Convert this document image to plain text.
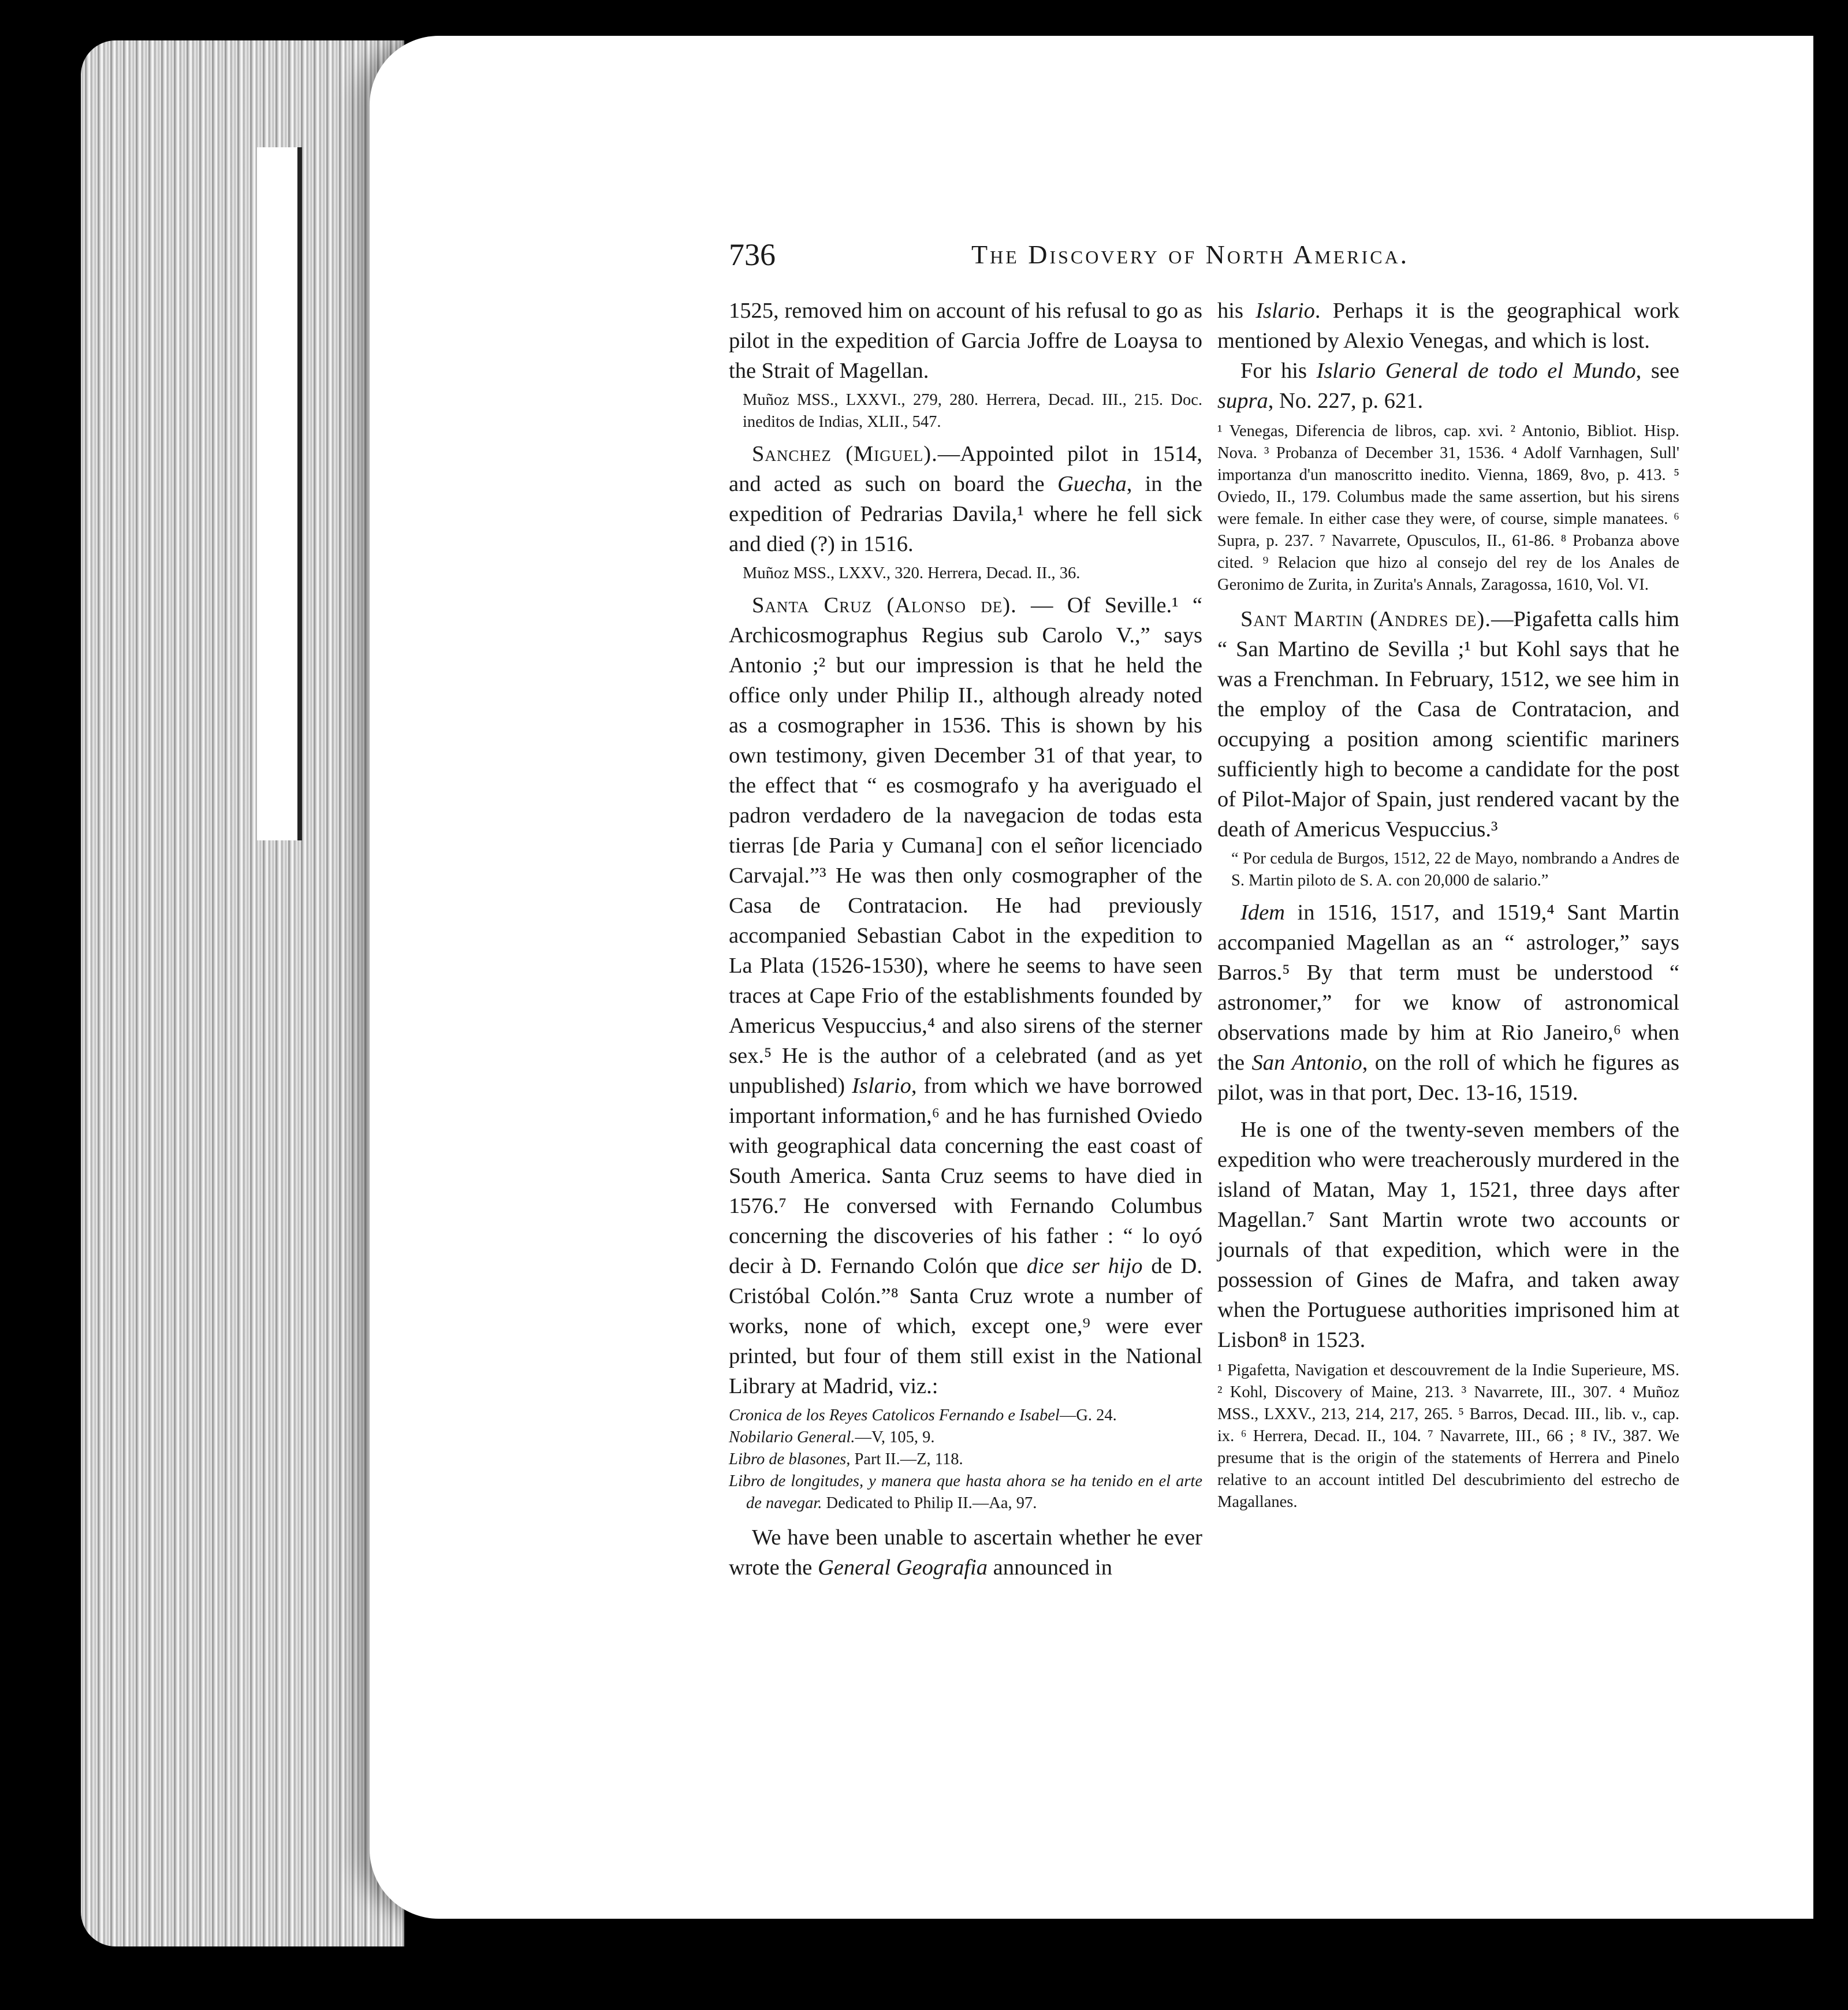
736	The Discovery of North America.

1525, removed him on account of his refusal to go as pilot in the expedition of Garcia Joffre de Loaysa to the Strait of Magellan.

Muñoz MSS., LXXVI., 279, 280. Herrera, Decad. III., 215. Doc. ineditos de Indias, XLII., 547.

Sanchez (Miguel).—Appointed pilot in 1514, and acted as such on board the Guecha, in the expedition of Pedrarias Davila,¹ where he fell sick and died (?) in 1516.

Muñoz MSS., LXXV., 320. Herrera, Decad. II., 36.

Santa Cruz (Alonso de). — Of Seville.¹ “ Archicosmographus Regius sub Carolo V.,” says Antonio ;² but our impression is that he held the office only under Philip II., although already noted as a cosmographer in 1536. This is shown by his own testimony, given December 31 of that year, to the effect that “ es cosmografo y ha averiguado el padron verdadero de la navegacion de todas esta tierras [de Paria y Cumana] con el señor licenciado Carvajal.”³ He was then only cosmographer of the Casa de Contratacion. He had previously accompanied Sebastian Cabot in the expedition to La Plata (1526-1530), where he seems to have seen traces at Cape Frio of the establishments founded by Americus Vespuccius,⁴ and also sirens of the sterner sex.⁵ He is the author of a celebrated (and as yet unpublished) Islario, from which we have borrowed important information,⁶ and he has furnished Oviedo with geographical data concerning the east coast of South America. Santa Cruz seems to have died in 1576.⁷ He conversed with Fernando Columbus concerning the discoveries of his father : “ lo oyó decir à D. Fernando Colón que dice ser hijo de D. Cristóbal Colón.”⁸ Santa Cruz wrote a number of works, none of which, except one,⁹ were ever printed, but four of them still exist in the National Library at Madrid, viz.:

Cronica de los Reyes Catolicos Fernando e Isabel—G. 24.
Nobilario General.—V, 105, 9.
Libro de blasones, Part II.—Z, 118.
Libro de longitudes, y manera que hasta ahora se ha tenido en el arte de navegar. Dedicated to Philip II.—Aa, 97.

We have been unable to ascertain whether he ever wrote the General Geografia announced in

his Islario. Perhaps it is the geographical work mentioned by Alexio Venegas, and which is lost.

For his Islario General de todo el Mundo, see supra, No. 227, p. 621.

¹ Venegas, Diferencia de libros, cap. xvi. ² Antonio, Bibliot. Hisp. Nova. ³ Probanza of December 31, 1536. ⁴ Adolf Varnhagen, Sull' importanza d'un manoscritto inedito. Vienna, 1869, 8vo, p. 413. ⁵ Oviedo, II., 179. Columbus made the same assertion, but his sirens were female. In either case they were, of course, simple manatees. ⁶ Supra, p. 237. ⁷ Navarrete, Opusculos, II., 61-86. ⁸ Probanza above cited. ⁹ Relacion que hizo al consejo del rey de los Anales de Geronimo de Zurita, in Zurita's Annals, Zaragossa, 1610, Vol. VI.

Sant Martin (Andres de).—Pigafetta calls him “ San Martino de Sevilla ;¹ but Kohl says that he was a Frenchman. In February, 1512, we see him in the employ of the Casa de Contratacion, and occupying a position among scientific mariners sufficiently high to become a candidate for the post of Pilot-Major of Spain, just rendered vacant by the death of Americus Vespuccius.³

“ Por cedula de Burgos, 1512, 22 de Mayo, nombrando a Andres de S. Martin piloto de S. A. con 20,000 de salario.”

Idem in 1516, 1517, and 1519,⁴ Sant Martin accompanied Magellan as an “ astrologer,” says Barros.⁵ By that term must be understood “ astronomer,” for we know of astronomical observations made by him at Rio Janeiro,⁶ when the San Antonio, on the roll of which he figures as pilot, was in that port, Dec. 13-16, 1519.

He is one of the twenty-seven members of the expedition who were treacherously murdered in the island of Matan, May 1, 1521, three days after Magellan.⁷ Sant Martin wrote two accounts or journals of that expedition, which were in the possession of Gines de Mafra, and taken away when the Portuguese authorities imprisoned him at Lisbon⁸ in 1523.

¹ Pigafetta, Navigation et descouvrement de la Indie Superieure, MS. ² Kohl, Discovery of Maine, 213. ³ Navarrete, III., 307. ⁴ Muñoz MSS., LXXV., 213, 214, 217, 265. ⁵ Barros, Decad. III., lib. v., cap. ix. ⁶ Herrera, Decad. II., 104. ⁷ Navarrete, III., 66 ; ⁸ IV., 387. We presume that is the origin of the statements of Herrera and Pinelo relative to an account intitled Del descubrimiento del estrecho de Magallanes.
